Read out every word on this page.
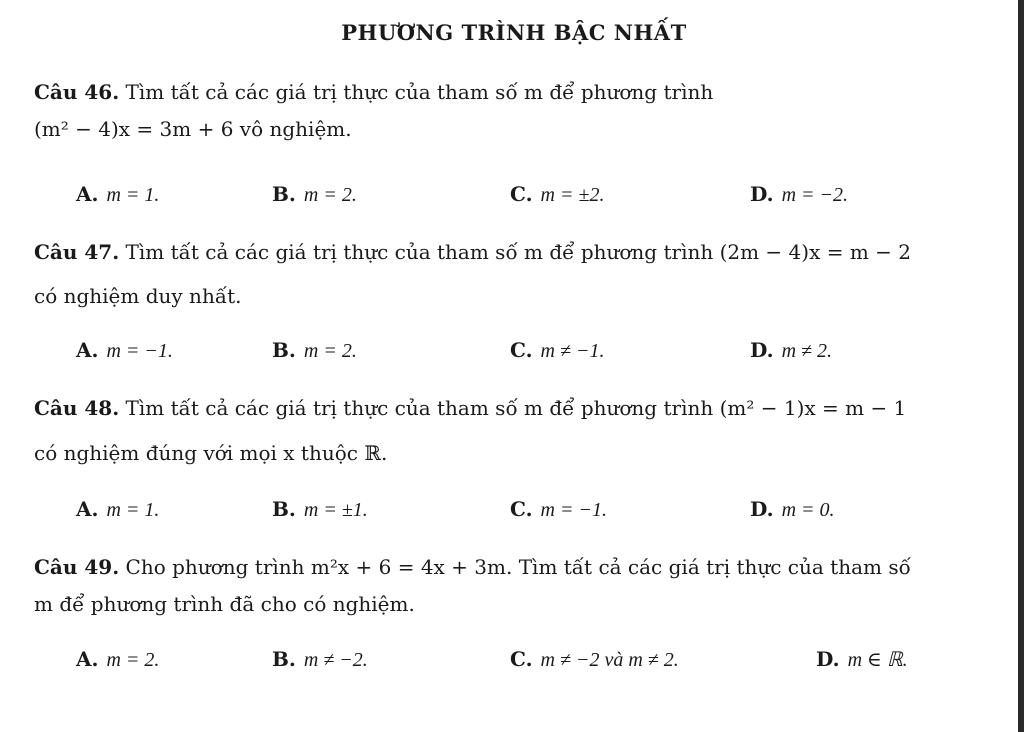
PHƯƠNG TRÌNH BẬC NHẤT
Câu 46. Tìm tất cả các giá trị thực của tham số m để phương trình
(m² − 4)x = 3m + 6 vô nghiệm.
A. m = 1.	B. m = 2.	C. m = ±2.	D. m = −2.
Câu 47. Tìm tất cả các giá trị thực của tham số m để phương trình (2m − 4)x = m − 2
có nghiệm duy nhất.
A. m = −1.	B. m = 2.	C. m ≠ −1.	D. m ≠ 2.
Câu 48. Tìm tất cả các giá trị thực của tham số m để phương trình (m² − 1)x = m − 1
có nghiệm đúng với mọi x thuộc ℝ.
A. m = 1.	B. m = ±1.	C. m = −1.	D. m = 0.
Câu 49. Cho phương trình m²x + 6 = 4x + 3m. Tìm tất cả các giá trị thực của tham số
m để phương trình đã cho có nghiệm.
A. m = 2.	B. m ≠ −2.	C. m ≠ −2 và m ≠ 2.	D. m ∈ ℝ.
